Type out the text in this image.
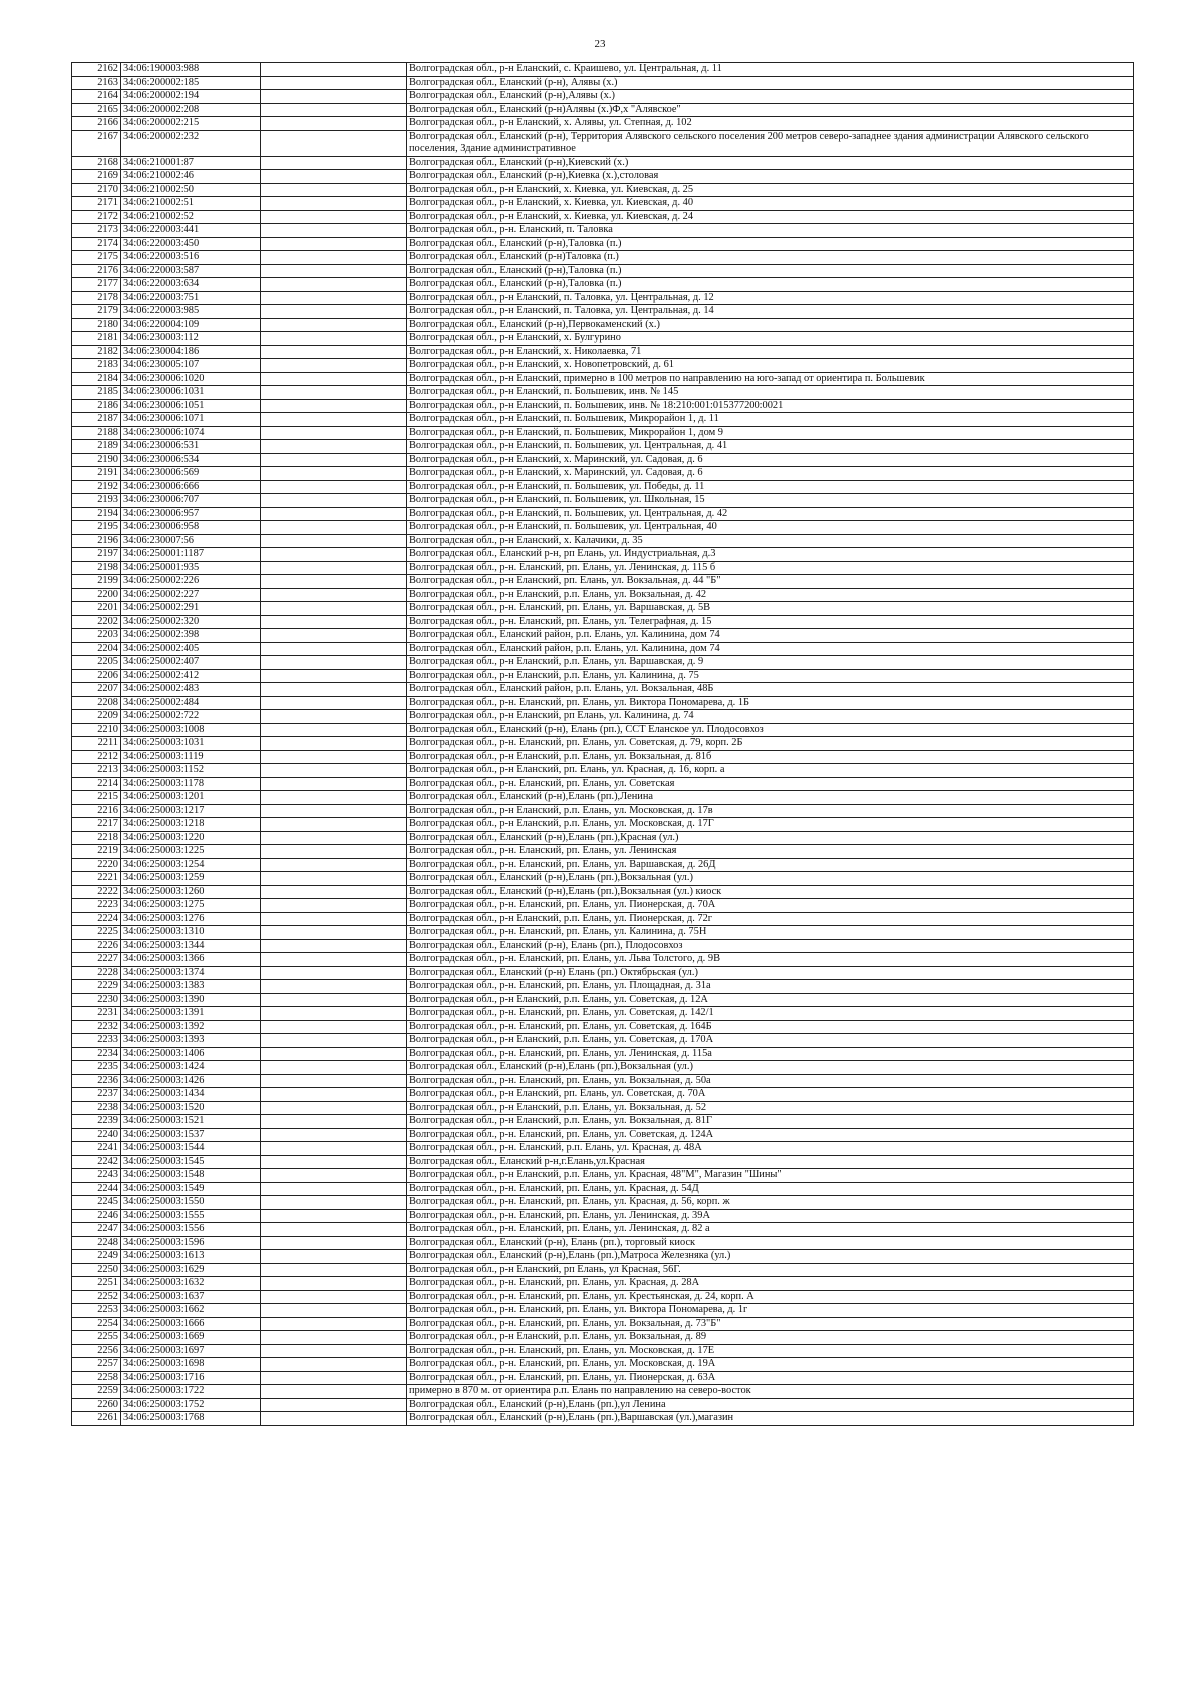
23
2162	34:06:190003:988		Волгоградская обл., р-н Еланский, с. Краишево, ул. Центральная, д. 11
2163	34:06:200002:185		Волгоградская обл., Еланский (р-н), Алявы (х.)
2164	34:06:200002:194		Волгоградская обл., Еланский (р-н),Алявы (х.)
2165	34:06:200002:208		Волгоградская обл., Еланский (р-н)Алявы (х.)Ф,х "Алявское"
2166	34:06:200002:215		Волгоградская обл., р-н Еланский, х. Алявы, ул. Степная, д. 102
2167	34:06:200002:232		Волгоградская обл., Еланский (р-н), Территория Алявского сельского поселения 200 метров северо-западнее здания администрации Алявского сельского поселения, Здание административное
2168	34:06:210001:87		Волгоградская обл., Еланский (р-н),Киевский (х.)
2169	34:06:210002:46		Волгоградская обл., Еланский (р-н),Киевка (х.),столовая
2170	34:06:210002:50		Волгоградская обл., р-н Еланский, х. Киевка, ул. Киевская, д. 25
2171	34:06:210002:51		Волгоградская обл., р-н Еланский, х. Киевка, ул. Киевская, д. 40
2172	34:06:210002:52		Волгоградская обл., р-н Еланский, х. Киевка, ул. Киевская, д. 24
2173	34:06:220003:441		Волгоградская обл., р-н. Еланский, п. Таловка
2174	34:06:220003:450		Волгоградская обл., Еланский (р-н),Таловка (п.)
2175	34:06:220003:516		Волгоградская обл., Еланский (р-н)Таловка (п.)
2176	34:06:220003:587		Волгоградская обл., Еланский (р-н),Таловка (п.)
2177	34:06:220003:634		Волгоградская обл., Еланский (р-н),Таловка (п.)
2178	34:06:220003:751		Волгоградская обл., р-н Еланский, п. Таловка, ул. Центральная, д. 12
2179	34:06:220003:985		Волгоградская обл., р-н Еланский, п. Таловка, ул. Центральная, д. 14
2180	34:06:220004:109		Волгоградская обл., Еланский (р-н),Первокаменский (х.)
2181	34:06:230003:112		Волгоградская обл., р-н Еланский, х. Булгурино
2182	34:06:230004:186		Волгоградская обл., р-н Еланский, х. Николаевка, 71
2183	34:06:230005:107		Волгоградская обл., р-н Еланский, х. Новопетровский, д. 61
2184	34:06:230006:1020		Волгоградская обл., р-н Еланский, примерно в 100 метров по направлению на юго-запад от ориентира п. Большевик
2185	34:06:230006:1031		Волгоградская обл., р-н Еланский, п. Большевик, инв. № 145
2186	34:06:230006:1051		Волгоградская обл., р-н Еланский, п. Большевик, инв. № 18:210:001:015377200:0021
2187	34:06:230006:1071		Волгоградская обл., р-н Еланский, п. Большевик, Микрорайон 1, д. 11
2188	34:06:230006:1074		Волгоградская обл., р-н Еланский, п. Большевик, Микрорайон 1, дом 9
2189	34:06:230006:531		Волгоградская обл., р-н Еланский, п. Большевик, ул. Центральная, д. 41
2190	34:06:230006:534		Волгоградская обл., р-н Еланский, х. Маринский, ул. Садовая, д. 6
2191	34:06:230006:569		Волгоградская обл., р-н Еланский, х. Маринский, ул. Садовая, д. 6
2192	34:06:230006:666		Волгоградская обл., р-н Еланский, п. Большевик, ул. Победы, д. 11
2193	34:06:230006:707		Волгоградская обл., р-н Еланский, п. Большевик, ул. Школьная, 15
2194	34:06:230006:957		Волгоградская обл., р-н Еланский, п. Большевик, ул. Центральная, д. 42
2195	34:06:230006:958		Волгоградская обл., р-н Еланский, п. Большевик, ул. Центральная, 40
2196	34:06:230007:56		Волгоградская обл., р-н Еланский, х. Калачики, д. 35
2197	34:06:250001:1187		Волгоградская обл., Еланский р-н, рп Елань, ул. Индустриальная, д.3
2198	34:06:250001:935		Волгоградская обл., р-н. Еланский, рп. Елань, ул. Ленинская, д. 115 б
2199	34:06:250002:226		Волгоградская обл., р-н Еланский, рп. Елань, ул. Вокзальная, д. 44 "Б"
2200	34:06:250002:227		Волгоградская обл., р-н Еланский, р.п. Елань, ул. Вокзальная, д. 42
2201	34:06:250002:291		Волгоградская обл., р-н. Еланский, рп. Елань, ул. Варшавская, д. 5В
2202	34:06:250002:320		Волгоградская обл., р-н. Еланский, рп. Елань, ул. Телеграфная, д. 15
2203	34:06:250002:398		Волгоградская обл., Еланский район, р.п. Елань, ул. Калинина, дом 74
2204	34:06:250002:405		Волгоградская обл., Еланский район, р.п. Елань, ул. Калинина, дом 74
2205	34:06:250002:407		Волгоградская обл., р-н Еланский, р.п. Елань, ул. Варшавская, д. 9
2206	34:06:250002:412		Волгоградская обл., р-н Еланский, р.п. Елань, ул. Калинина, д. 75
2207	34:06:250002:483		Волгоградская обл., Еланский район, р.п. Елань, ул. Вокзальная, 48Б
2208	34:06:250002:484		Волгоградская обл., р-н. Еланский, рп. Елань, ул. Виктора Пономарева, д. 1Б
2209	34:06:250002:722		Волгоградская обл., р-н Еланский, рп Елань, ул. Калинина, д. 74
2210	34:06:250003:1008		Волгоградская обл., Еланский (р-н), Елань (рп.), ССТ Еланское ул. Плодосовхоз
2211	34:06:250003:1031		Волгоградская обл., р-н. Еланский, рп. Елань, ул. Советская, д. 79, корп. 2Б
2212	34:06:250003:1119		Волгоградская обл., р-н Еланский, р.п. Елань, ул. Вокзальная, д. 81б
2213	34:06:250003:1152		Волгоградская обл., р-н Еланский, рп. Елань, ул. Красная, д. 16, корп. а
2214	34:06:250003:1178		Волгоградская обл., р-н. Еланский, рп. Елань, ул. Советская
2215	34:06:250003:1201		Волгоградская обл., Еланский (р-н),Елань (рп.),Ленина
2216	34:06:250003:1217		Волгоградская обл., р-н Еланский, р.п. Елань, ул. Московская, д. 17в
2217	34:06:250003:1218		Волгоградская обл., р-н Еланский, р.п. Елань, ул. Московская, д. 17Г
2218	34:06:250003:1220		Волгоградская обл., Еланский (р-н),Елань (рп.),Красная (ул.)
2219	34:06:250003:1225		Волгоградская обл., р-н. Еланский, рп. Елань, ул. Ленинская
2220	34:06:250003:1254		Волгоградская обл., р-н. Еланский, рп. Елань, ул. Варшавская, д. 26Д
2221	34:06:250003:1259		Волгоградская обл., Еланский (р-н),Елань (рп.),Вокзальная (ул.)
2222	34:06:250003:1260		Волгоградская обл., Еланский (р-н),Елань (рп.),Вокзальная (ул.) киоск
2223	34:06:250003:1275		Волгоградская обл., р-н. Еланский, рп. Елань, ул. Пионерская, д. 70А
2224	34:06:250003:1276		Волгоградская обл., р-н Еланский, р.п. Елань, ул. Пионерская, д. 72г
2225	34:06:250003:1310		Волгоградская обл., р-н. Еланский, рп. Елань, ул. Калинина, д. 75Н
2226	34:06:250003:1344		Волгоградская обл., Еланский (р-н), Елань (рп.), Плодосовхоз
2227	34:06:250003:1366		Волгоградская обл., р-н. Еланский, рп. Елань, ул. Льва Толстого, д. 9В
2228	34:06:250003:1374		Волгоградская обл., Еланский (р-н) Елань (рп.) Октябрьская (ул.)
2229	34:06:250003:1383		Волгоградская обл., р-н. Еланский, рп. Елань, ул. Площадная, д. 31а
2230	34:06:250003:1390		Волгоградская обл., р-н Еланский, р.п. Елань, ул. Советская, д. 12А
2231	34:06:250003:1391		Волгоградская обл., р-н. Еланский, рп. Елань, ул. Советская, д. 142/1
2232	34:06:250003:1392		Волгоградская обл., р-н. Еланский, рп. Елань, ул. Советская, д. 164Б
2233	34:06:250003:1393		Волгоградская обл., р-н Еланский, р.п. Елань, ул. Советская, д. 170А
2234	34:06:250003:1406		Волгоградская обл., р-н. Еланский, рп. Елань, ул. Ленинская, д. 115а
2235	34:06:250003:1424		Волгоградская обл., Еланский (р-н),Елань (рп.),Вокзальная (ул.)
2236	34:06:250003:1426		Волгоградская обл., р-н. Еланский, рп. Елань, ул. Вокзальная, д. 50а
2237	34:06:250003:1434		Волгоградская обл., р-н Еланский, рп. Елань, ул. Советская, д. 70А
2238	34:06:250003:1520		Волгоградская обл., р-н Еланский, р.п. Елань, ул. Вокзальная, д. 52
2239	34:06:250003:1521		Волгоградская обл., р-н Еланский, р.п. Елань, ул. Вокзальная, д. 81Г
2240	34:06:250003:1537		Волгоградская обл., р-н. Еланский, рп. Елань, ул. Советская, д. 124А
2241	34:06:250003:1544		Волгоградская обл., р-н. Еланский, р.п. Елань, ул. Красная, д. 48А
2242	34:06:250003:1545		Волгоградская обл., Еланский р-н,г.Елань,ул.Красная
2243	34:06:250003:1548		Волгоградская обл., р-н Еланский, р.п. Елань, ул. Красная, 48"М", Магазин "Шины"
2244	34:06:250003:1549		Волгоградская обл., р-н. Еланский, рп. Елань, ул. Красная, д. 54Д
2245	34:06:250003:1550		Волгоградская обл., р-н. Еланский, рп. Елань, ул. Красная, д. 56, корп. ж
2246	34:06:250003:1555		Волгоградская обл., р-н. Еланский, рп. Елань, ул. Ленинская, д. 39А
2247	34:06:250003:1556		Волгоградская обл., р-н. Еланский, рп. Елань, ул. Ленинская, д. 82 а
2248	34:06:250003:1596		Волгоградская обл., Еланский (р-н), Елань (рп.), торговый киоск
2249	34:06:250003:1613		Волгоградская обл., Еланский (р-н),Елань (рп.),Матроса Железняка (ул.)
2250	34:06:250003:1629		Волгоградская обл., р-н Еланский, рп Елань, ул Красная, 56Г.
2251	34:06:250003:1632		Волгоградская обл., р-н. Еланский, рп. Елань, ул. Красная, д. 28А
2252	34:06:250003:1637		Волгоградская обл., р-н. Еланский, рп. Елань, ул. Крестьянская, д. 24, корп. А
2253	34:06:250003:1662		Волгоградская обл., р-н. Еланский, рп. Елань, ул. Виктора Пономарева, д. 1г
2254	34:06:250003:1666		Волгоградская обл., р-н. Еланский, рп. Елань, ул. Вокзальная, д. 73"Б"
2255	34:06:250003:1669		Волгоградская обл., р-н Еланский, р.п. Елань, ул. Вокзальная, д. 89
2256	34:06:250003:1697		Волгоградская обл., р-н. Еланский, рп. Елань, ул. Московская, д. 17Е
2257	34:06:250003:1698		Волгоградская обл., р-н. Еланский, рп. Елань, ул. Московская, д. 19А
2258	34:06:250003:1716		Волгоградская обл., р-н. Еланский, рп. Елань, ул. Пионерская, д. 63А
2259	34:06:250003:1722		примерно в 870 м. от ориентира р.п. Елань по направлению на северо-восток
2260	34:06:250003:1752		Волгоградская обл., Еланский (р-н),Елань (рп.),ул Ленина
2261	34:06:250003:1768		Волгоградская обл., Еланский (р-н),Елань (рп.),Варшавская (ул.),магазин
